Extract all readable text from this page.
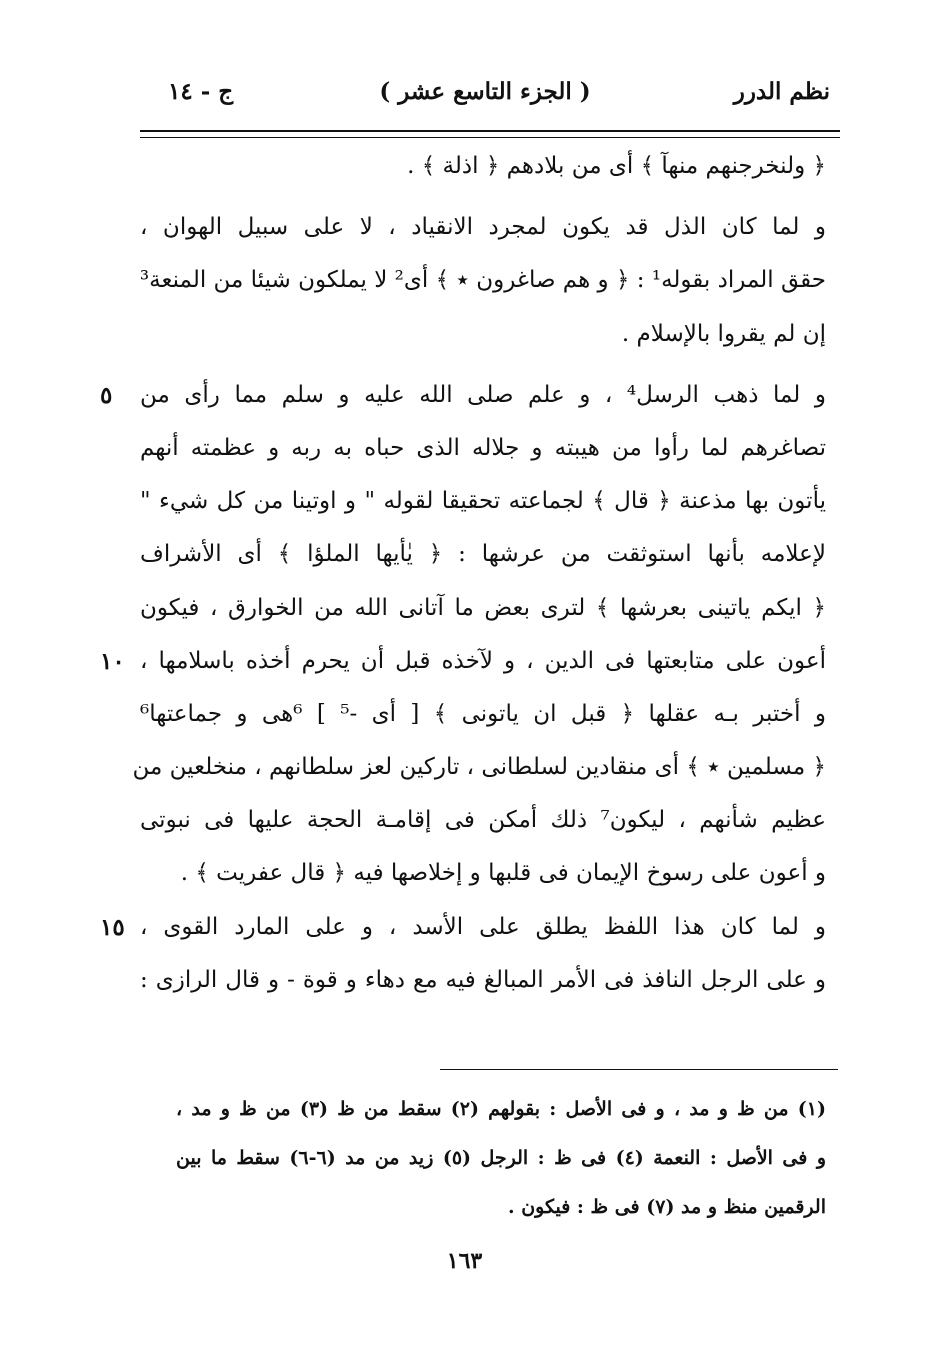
نظم الدرر
( الجزء التاسع عشر )
ج - ١٤
﴿ ولنخرجنهم منهآ ﴾ أى من بلادهم ﴿ اذلة ﴾ .
و لما كان الذل قد يكون لمجرد الانقياد ، لا على سبيل الهوان ،
حقق المراد بقوله¹ : ﴿ و هم صاغرون ٭ ﴾ أى² لا يملكون شيئا من المنعة³
إن لم يقروا بالإسلام .
و لما ذهب الرسل⁴ ، و علم صلى الله عليه و سلم مما رأى من
٥
تصاغرهم لما رأوا من هيبته و جلاله الذى حباه به ربه و عظمته أنهم
يأتون بها مذعنة ﴿ قال ﴾ لجماعته تحقيقا لقوله " و اوتينا من كل شيء "
لإعلامه بأنها استوثقت من عرشها : ﴿ يٰأيها الملؤا ﴾ أى الأشراف
﴿ ايكم ياتينى بعرشها ﴾ لترى بعض ما آتانى الله من الخوارق ، فيكون
أعون على متابعتها فى الدين ، و لآخذه قبل أن يحرم أخذه باسلامها ،
١٠
و أختبر بـه عقلها ﴿ قبل ان ياتونى ﴾ [ أى -⁵ ] ⁶هى و جماعتها⁶
﴿ مسلمين ٭ ﴾ أى منقادين لسلطانى ، تاركين لعز سلطانهم ، منخلعين من
عظيم شأنهم ، ليكون⁷ ذلك أمكن فى إقامـة الحجة عليها فى نبوتى
و أعون على رسوخ الإيمان فى قلبها و إخلاصها فيه ﴿ قال عفريت ﴾ .
و لما كان هذا اللفظ يطلق على الأسد ، و على المارد القوى ،
١٥
و على الرجل النافذ فى الأمر المبالغ فيه مع دهاء و قوة - و قال الرازى :
(١) من ظ و مد ، و فى الأصل : بقولهم (٢) سقط من ظ (٣) من ظ و مد ،
و فى الأصل : النعمة (٤) فى ظ : الرجل (٥) زيد من مد (٦-٦) سقط ما بين
الرقمين منظ و مد (٧) فى ظ : فيكون .
١٦٣
